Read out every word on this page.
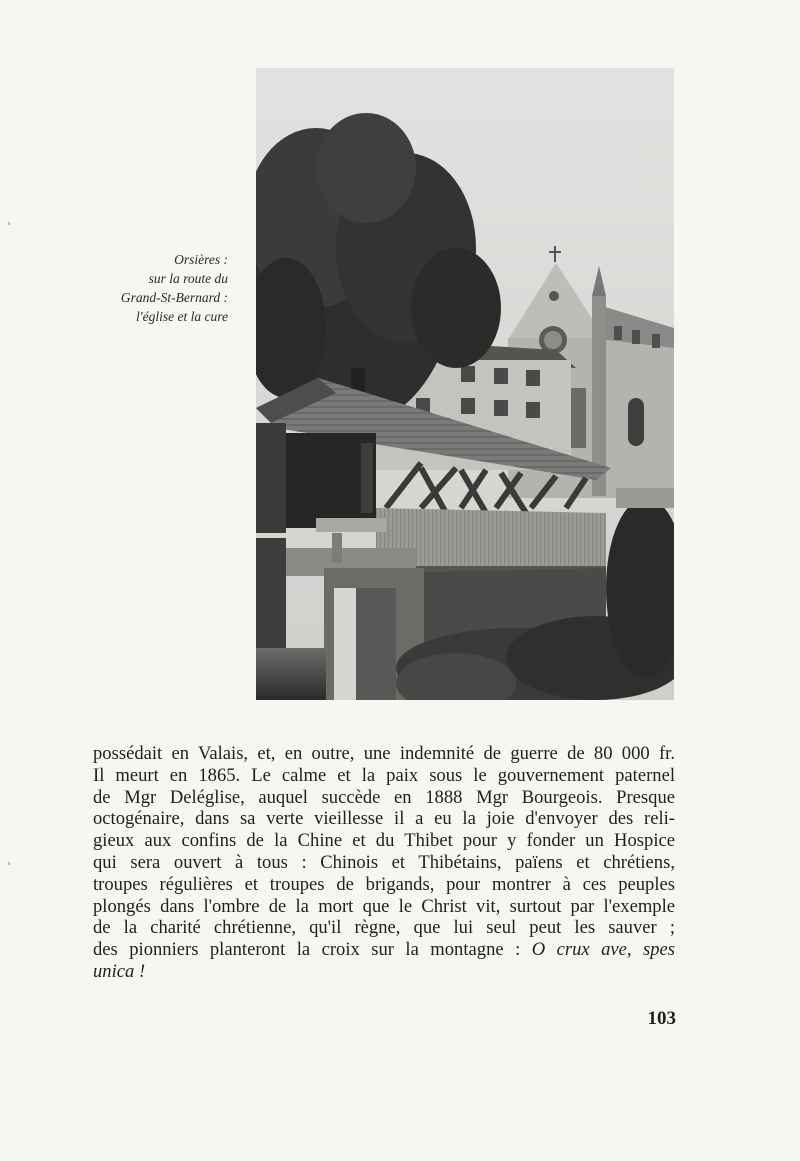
Orsières :
sur la route du
Grand-St-Bernard :
l'église et la cure
possédait en Valais, et, en outre, une indemnité de guerre de 80 000 fr.
Il meurt en 1865. Le calme et la paix sous le gouvernement paternel
de Mgr Deléglise, auquel succède en 1888 Mgr Bourgeois. Presque
octogénaire, dans sa verte vieillesse il a eu la joie d'envoyer des reli-
gieux aux confins de la Chine et du Thibet pour y fonder un Hospice
qui sera ouvert à tous : Chinois et Thibétains, païens et chrétiens,
troupes régulières et troupes de brigands, pour montrer à ces peuples
plongés dans l'ombre de la mort que le Christ vit, surtout par l'exemple
de la charité chrétienne, qu'il règne, que lui seul peut les sauver ;
des pionniers planteront la croix sur la montagne : O crux ave, spes
unica !
103
